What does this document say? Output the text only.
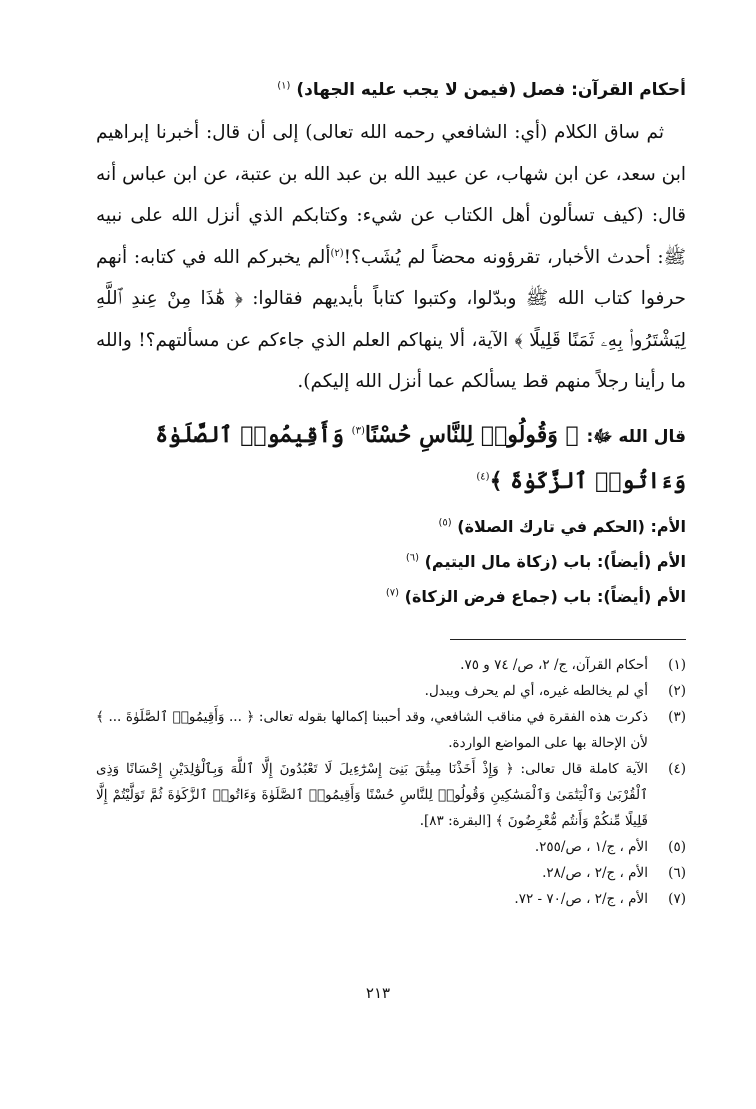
أحكام القرآن: فصل (فيمن لا يجب عليه الجهاد) $^{(١)}$

ثم ساق الكلام (أي: الشافعي رحمه الله تعالى) إلى أن قال: أخبرنا إبراهيم ابن سعد، عن ابن شهاب، عن عبيد الله بن عبد الله بن عتبة، عن ابن عباس أنه قال: (كيف تسألون أهل الكتاب عن شيء: وكتابكم الذي أنزل الله على نبيه ﷺ: أحدث الأخبار، تقرؤونه محضاً لم يُشَب؟!$^{(٢)}$ألم يخبركم الله في كتابه: أنهم حرفوا كتاب الله ﷺ وبدّلوا، وكتبوا كتاباً بأيديهم فقالوا: ﴿ هَٰذَا مِنْ عِندِ ٱللَّهِ لِيَشْتَرُوا۟ بِهِۦ ثَمَنًا قَلِيلًا ﴾ الآية، ألا ينهاكم العلم الذي جاءكم عن مسألتهم؟! والله ما رأينا رجلاً منهم قط يسألكم عما أنزل الله إليكم).

قال الله ﷻ: ﴿ وَقُولُوا۟ لِلنَّاسِ حُسْنًا$^{(٣)}$ وَأَقِيمُوا۟ ٱلصَّلَوٰةَ وَءَاتُوا۟ ٱلزَّكَوٰةَ ﴾$^{(٤)}$

الأم: (الحكم في تارك الصلاة) $^{(٥)}$

الأم (أيضاً): باب (زكاة مال اليتيم) $^{(٦)}$

الأم (أيضاً): باب (جماع فرض الزكاة) $^{(٧)}$

(١)
أحكام القرآن، ج/ ٢، ص/ ٧٤ و ٧٥.
(٢)
أي لم يخالطه غيره، أي لم يحرف ويبدل.
(٣)
ذكرت هذه الفقرة في مناقب الشافعي، وقد أحببنا إكمالها بقوله تعالى: ﴿ ... وَأَقِيمُوا۟ ٱلصَّلَوٰةَ ... ﴾ لأن الإحالة بها على المواضع الواردة.
(٤)
الآية كاملة قال تعالى: ﴿ وَإِذْ أَخَذْنَا مِيثَٰقَ بَنِىٓ إِسْرَٰٓءِيلَ لَا تَعْبُدُونَ إِلَّا ٱللَّهَ وَبِٱلْوَٰلِدَيْنِ إِحْسَانًا وَذِى ٱلْقُرْبَىٰ وَٱلْيَتَٰمَىٰ وَٱلْمَسَٰكِينِ وَقُولُوا۟ لِلنَّاسِ حُسْنًا وَأَقِيمُوا۟ ٱلصَّلَوٰةَ وَءَاتُوا۟ ٱلزَّكَوٰةَ ثُمَّ تَوَلَّيْتُمْ إِلَّا قَلِيلًا مِّنكُمْ وَأَنتُم مُّعْرِضُونَ ﴾ [البقرة: ٨٣].
(٥)
الأم ، ج/١ ، ص/٢٥٥.
(٦)
الأم ، ج/٢ ، ص/٢٨.
(٧)
الأم ، ج/٢ ، ص/٧٠ - ٧٢.
٢١٣
